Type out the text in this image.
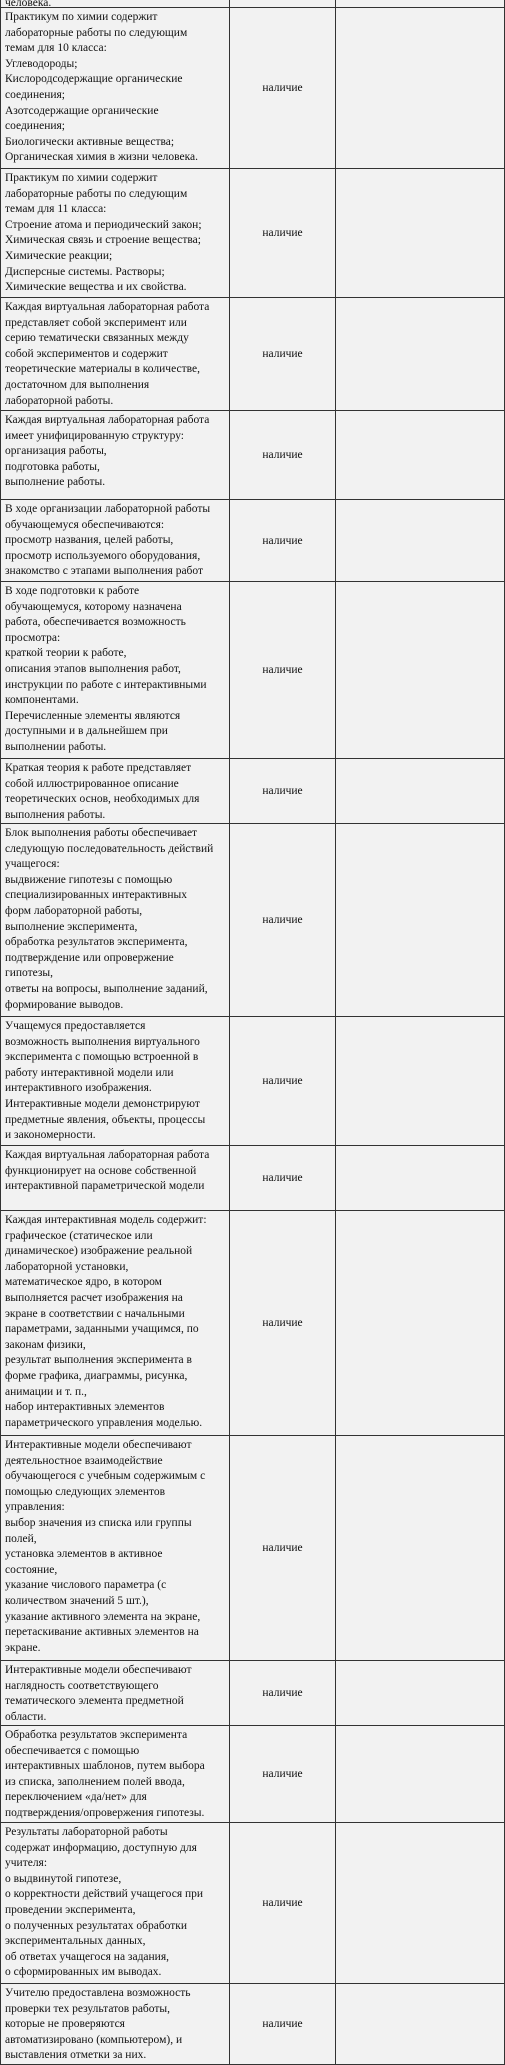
человека.
Практикум по химии содержит
лабораторные работы по следующим
темам для 10 класса:
Углеводороды;
Кислородсодержащие органические
соединения;
Азотсодержащие органические
соединения;
Биологически активные вещества;
Органическая химия в жизни человека.
наличие
Практикум по химии содержит
лабораторные работы по следующим
темам для 11 класса:
Строение атома и периодический закон;
Химическая связь и строение вещества;
Химические реакции;
Дисперсные системы. Растворы;
Химические вещества и их свойства.
наличие
Каждая виртуальная лабораторная работа
представляет собой эксперимент или
серию тематически связанных между
собой экспериментов и содержит
теоретические материалы в количестве,
достаточном для выполнения
лабораторной работы.
наличие
Каждая виртуальная лабораторная работа
имеет унифицированную структуру:
организация работы,
подготовка работы,
выполнение работы.
наличие
В ходе организации лабораторной работы
обучающемуся обеспечиваются:
просмотр названия, целей работы,
просмотр используемого оборудования,
знакомство с этапами выполнения работ
наличие
В ходе подготовки к работе
обучающемуся, которому назначена
работа, обеспечивается возможность
просмотра:
краткой теории к работе,
описания этапов выполнения работ,
инструкции по работе с интерактивными
компонентами.
Перечисленные элементы являются
доступными и в дальнейшем при
выполнении работы.
наличие
Краткая теория к работе представляет
собой иллюстрированное описание
теоретических основ, необходимых для
выполнения работы.
наличие
Блок выполнения работы обеспечивает
следующую последовательность действий
учащегося:
выдвижение гипотезы с помощью
специализированных интерактивных
форм лабораторной работы,
выполнение эксперимента,
обработка результатов эксперимента,
подтверждение или опровержение
гипотезы,
ответы на вопросы, выполнение заданий,
формирование выводов.
наличие
Учащемуся предоставляется
возможность выполнения виртуального
эксперимента с помощью встроенной в
работу интерактивной модели или
интерактивного изображения.
Интерактивные модели демонстрируют
предметные явления, объекты, процессы
и закономерности.
наличие
Каждая виртуальная лабораторная работа
функционирует на основе собственной
интерактивной параметрической модели
наличие
Каждая интерактивная модель содержит:
графическое (статическое или
динамическое) изображение реальной
лабораторной установки,
математическое ядро, в котором
выполняется расчет изображения на
экране в соответствии с начальными
параметрами, заданными учащимся, по
законам физики,
результат выполнения эксперимента в
форме графика, диаграммы, рисунка,
анимации и т. п.,
набор интерактивных элементов
параметрического управления моделью.
наличие
Интерактивные модели обеспечивают
деятельностное взаимодействие
обучающегося с учебным содержимым с
помощью следующих элементов
управления:
выбор значения из списка или группы
полей,
установка элементов в активное
состояние,
указание числового параметра (с
количеством значений 5 шт.),
указание активного элемента на экране,
перетаскивание активных элементов на
экране.
наличие
Интерактивные модели обеспечивают
наглядность соответствующего
тематического элемента предметной
области.
наличие
Обработка результатов эксперимента
обеспечивается с помощью
интерактивных шаблонов, путем выбора
из списка, заполнением полей ввода,
переключением «да/нет» для
подтверждения/опровержения гипотезы.
наличие
Результаты лабораторной работы
содержат информацию, доступную для
учителя:
о выдвинутой гипотезе,
о корректности действий учащегося при
проведении эксперимента,
о полученных результатах обработки
экспериментальных данных,
об ответах учащегося на задания,
о сформированных им выводах.
наличие
Учителю предоставлена возможность
проверки тех результатов работы,
которые не проверяются
автоматизировано (компьютером), и
выставления отметки за них.
наличие
